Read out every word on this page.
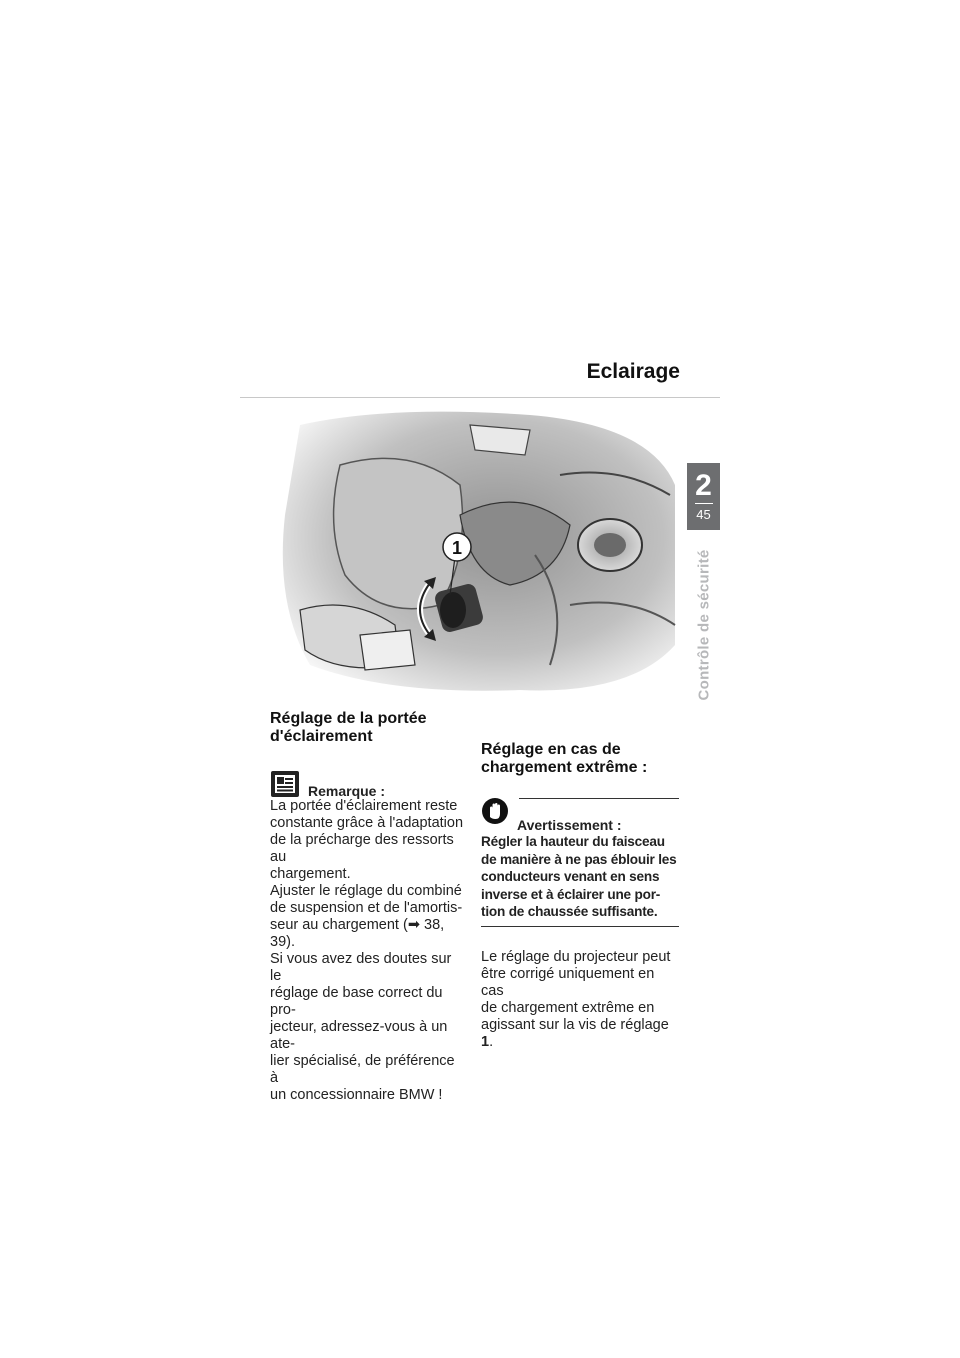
Eclairage
2
45
Contrôle de sécurité
1
Réglage de la portée
d'éclairement
Remarque :

La portée d'éclairement reste
constante grâce à l'adaptation
de la précharge des ressorts au
chargement.
Ajuster le réglage du combiné
de suspension et de l'amortis-
seur au chargement (➡ 38, 39).
Si vous avez des doutes sur le
réglage de base correct du pro-
jecteur, adressez-vous à un ate-
lier spécialisé, de préférence à
un concessionnaire BMW !

Réglage en cas de
chargement extrême :
Avertissement :

Régler la hauteur du faisceau
de manière à ne pas éblouir les
conducteurs venant en sens
inverse et à éclairer une por-
tion de chaussée suffisante.

Le réglage du projecteur peut
être corrigé uniquement en cas
de chargement extrême en
agissant sur la vis de réglage 1.
